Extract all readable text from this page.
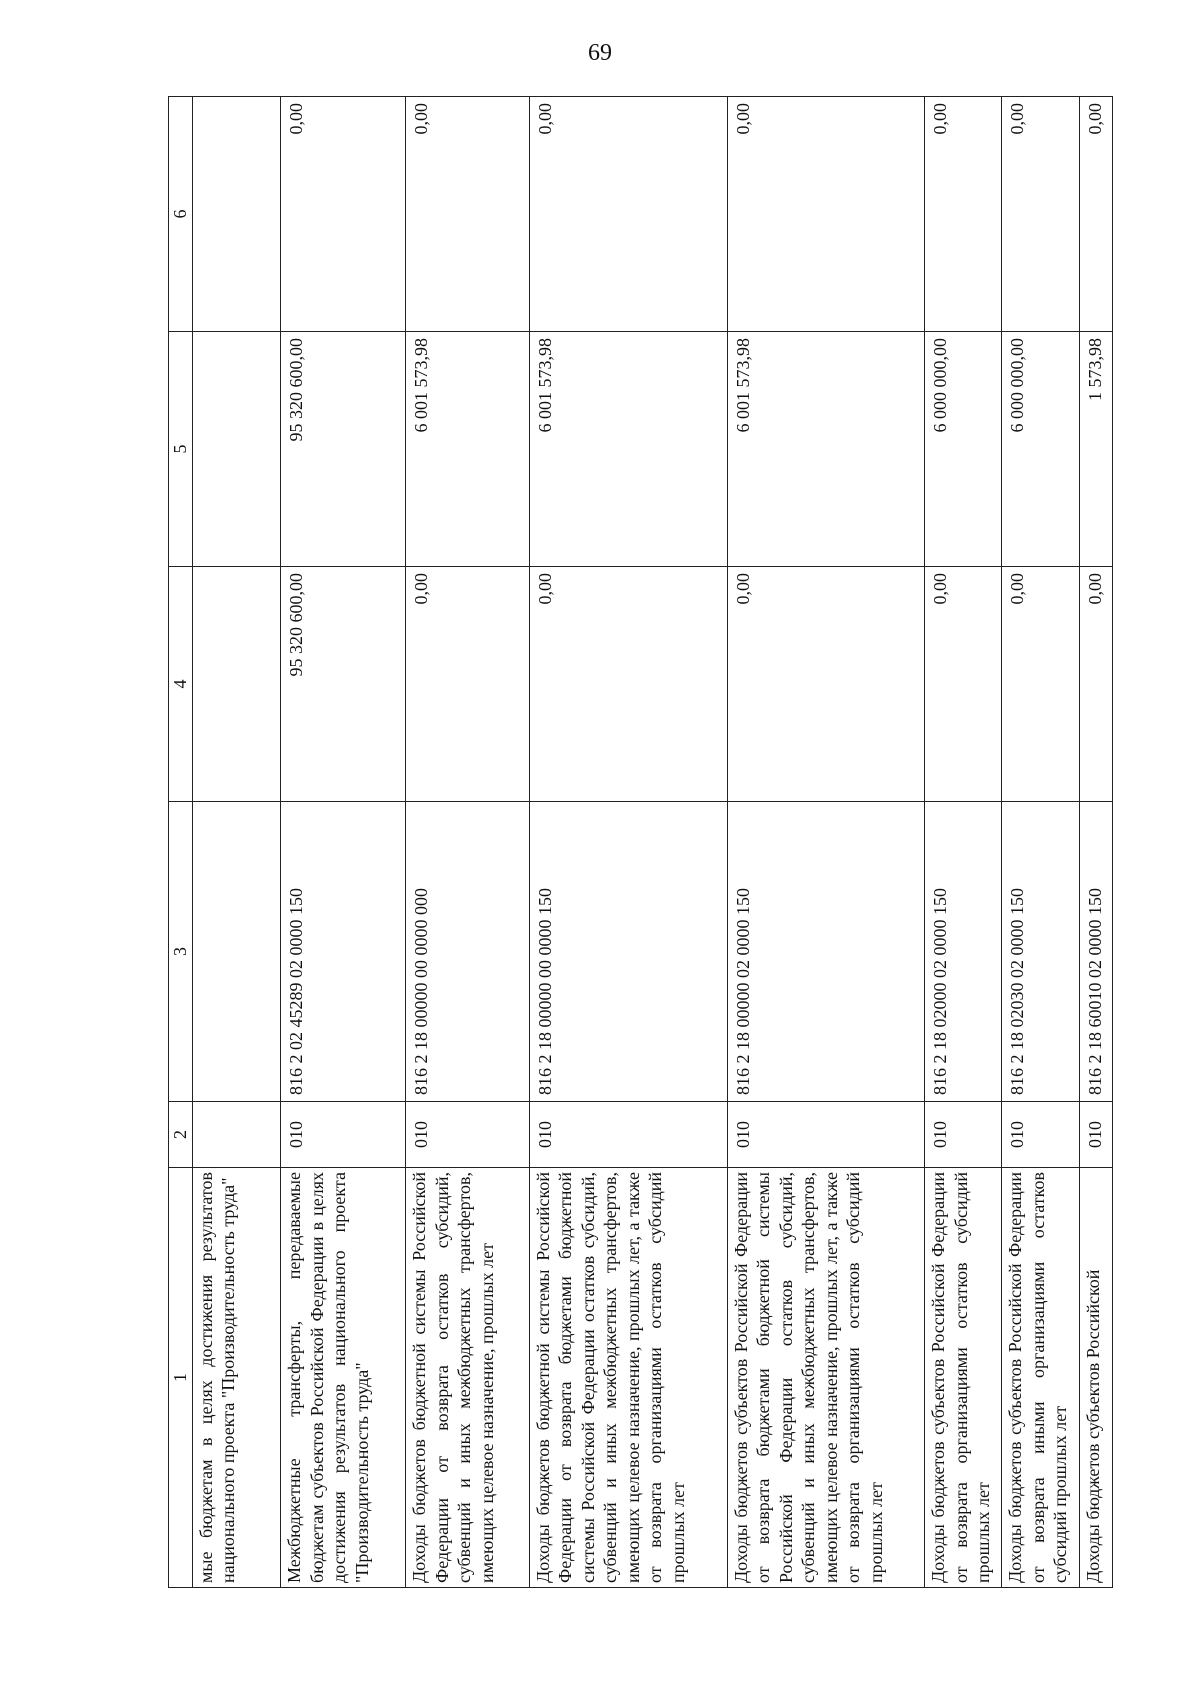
69
1	2	3	4	5	6
мые бюджетам в целях достижения результатов национального проекта "Производительность труда"					
Межбюджетные трансферты, передаваемые бюджетам субъектов Российской Федерации в целях достижения результатов национального проекта "Производительность труда"	010	816 2 02 45289 02 0000 150	95 320 600,00	95 320 600,00	0,00
Доходы бюджетов бюджетной системы Российской Федерации от возврата остатков субсидий, субвенций и иных межбюджетных трансфертов, имеющих целевое назначение, прошлых лет	010	816 2 18 00000 00 0000 000	0,00	6 001 573,98	0,00
Доходы бюджетов бюджетной системы Российской Федерации от возврата бюджетами бюджетной системы Российской Федерации остатков субсидий, субвенций и иных межбюджетных трансфертов, имеющих целевое назначение, прошлых лет, а также от возврата организациями остатков субсидий прошлых лет	010	816 2 18 00000 00 0000 150	0,00	6 001 573,98	0,00
Доходы бюджетов субъектов Российской Федерации от возврата бюджетами бюджетной системы Российской Федерации остатков субсидий, субвенций и иных межбюджетных трансфертов, имеющих целевое назначение, прошлых лет, а также от возврата организациями остатков субсидий прошлых лет	010	816 2 18 00000 02 0000 150	0,00	6 001 573,98	0,00
Доходы бюджетов субъектов Российской Федерации от возврата организациями остатков субсидий прошлых лет	010	816 2 18 02000 02 0000 150	0,00	6 000 000,00	0,00
Доходы бюджетов субъектов Российской Федерации от возврата иными организациями остатков субсидий прошлых лет	010	816 2 18 02030 02 0000 150	0,00	6 000 000,00	0,00
Доходы бюджетов субъектов Российской	010	816 2 18 60010 02 0000 150	0,00	1 573,98	0,00
